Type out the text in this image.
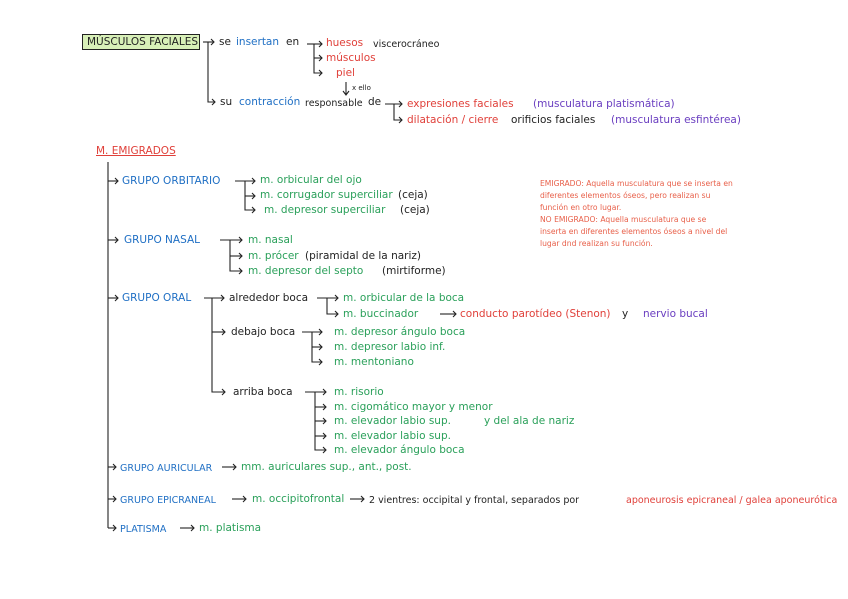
MÚSCULOS FACIALES se insertan en	huesos viscerocráneo
músculos
piel
x ello
su contracción responsable de expresiones faciales (musculatura platismática)
dilatación / cierre orificios faciales (musculatura esfintérea)
M. EMIGRADOS
GRUPO ORBITARIO	m. orbicular del ojo
m. corrugador superciliar (ceja)
m. depresor superciliar (ceja)
EMIGRADO: Aquella musculatura que se inserta en
diferentes elementos óseos, pero realizan su
función en otro lugar.
NO EMIGRADO: Aquella musculatura que se
inserta en diferentes elementos óseos a nivel del
lugar dnd realizan su función.
GRUPO NASAL	m. nasal
m. prócer (piramidal de la nariz)
m. depresor del septo (mirtiforme)
GRUPO ORAL	alrededor boca	m. orbicular de la boca
m. buccinador	conducto parotídeo (Stenon) y nervio bucal
debajo boca	m. depresor ángulo boca
m. depresor labio inf.
m. mentoniano
arriba boca	m. risorio
m. cigomático mayor y menor
m. elevador labio sup.	y del ala de nariz
m. elevador labio sup.
m. elevador ángulo boca
GRUPO AURICULAR	mm. auriculares sup., ant., post.
GRUPO EPICRANEAL	m. occipitofrontal	2 vientres: occipital y frontal, separados por	aponeurosis epicraneal / galea aponeurótica
PLATISMA	m. platisma
